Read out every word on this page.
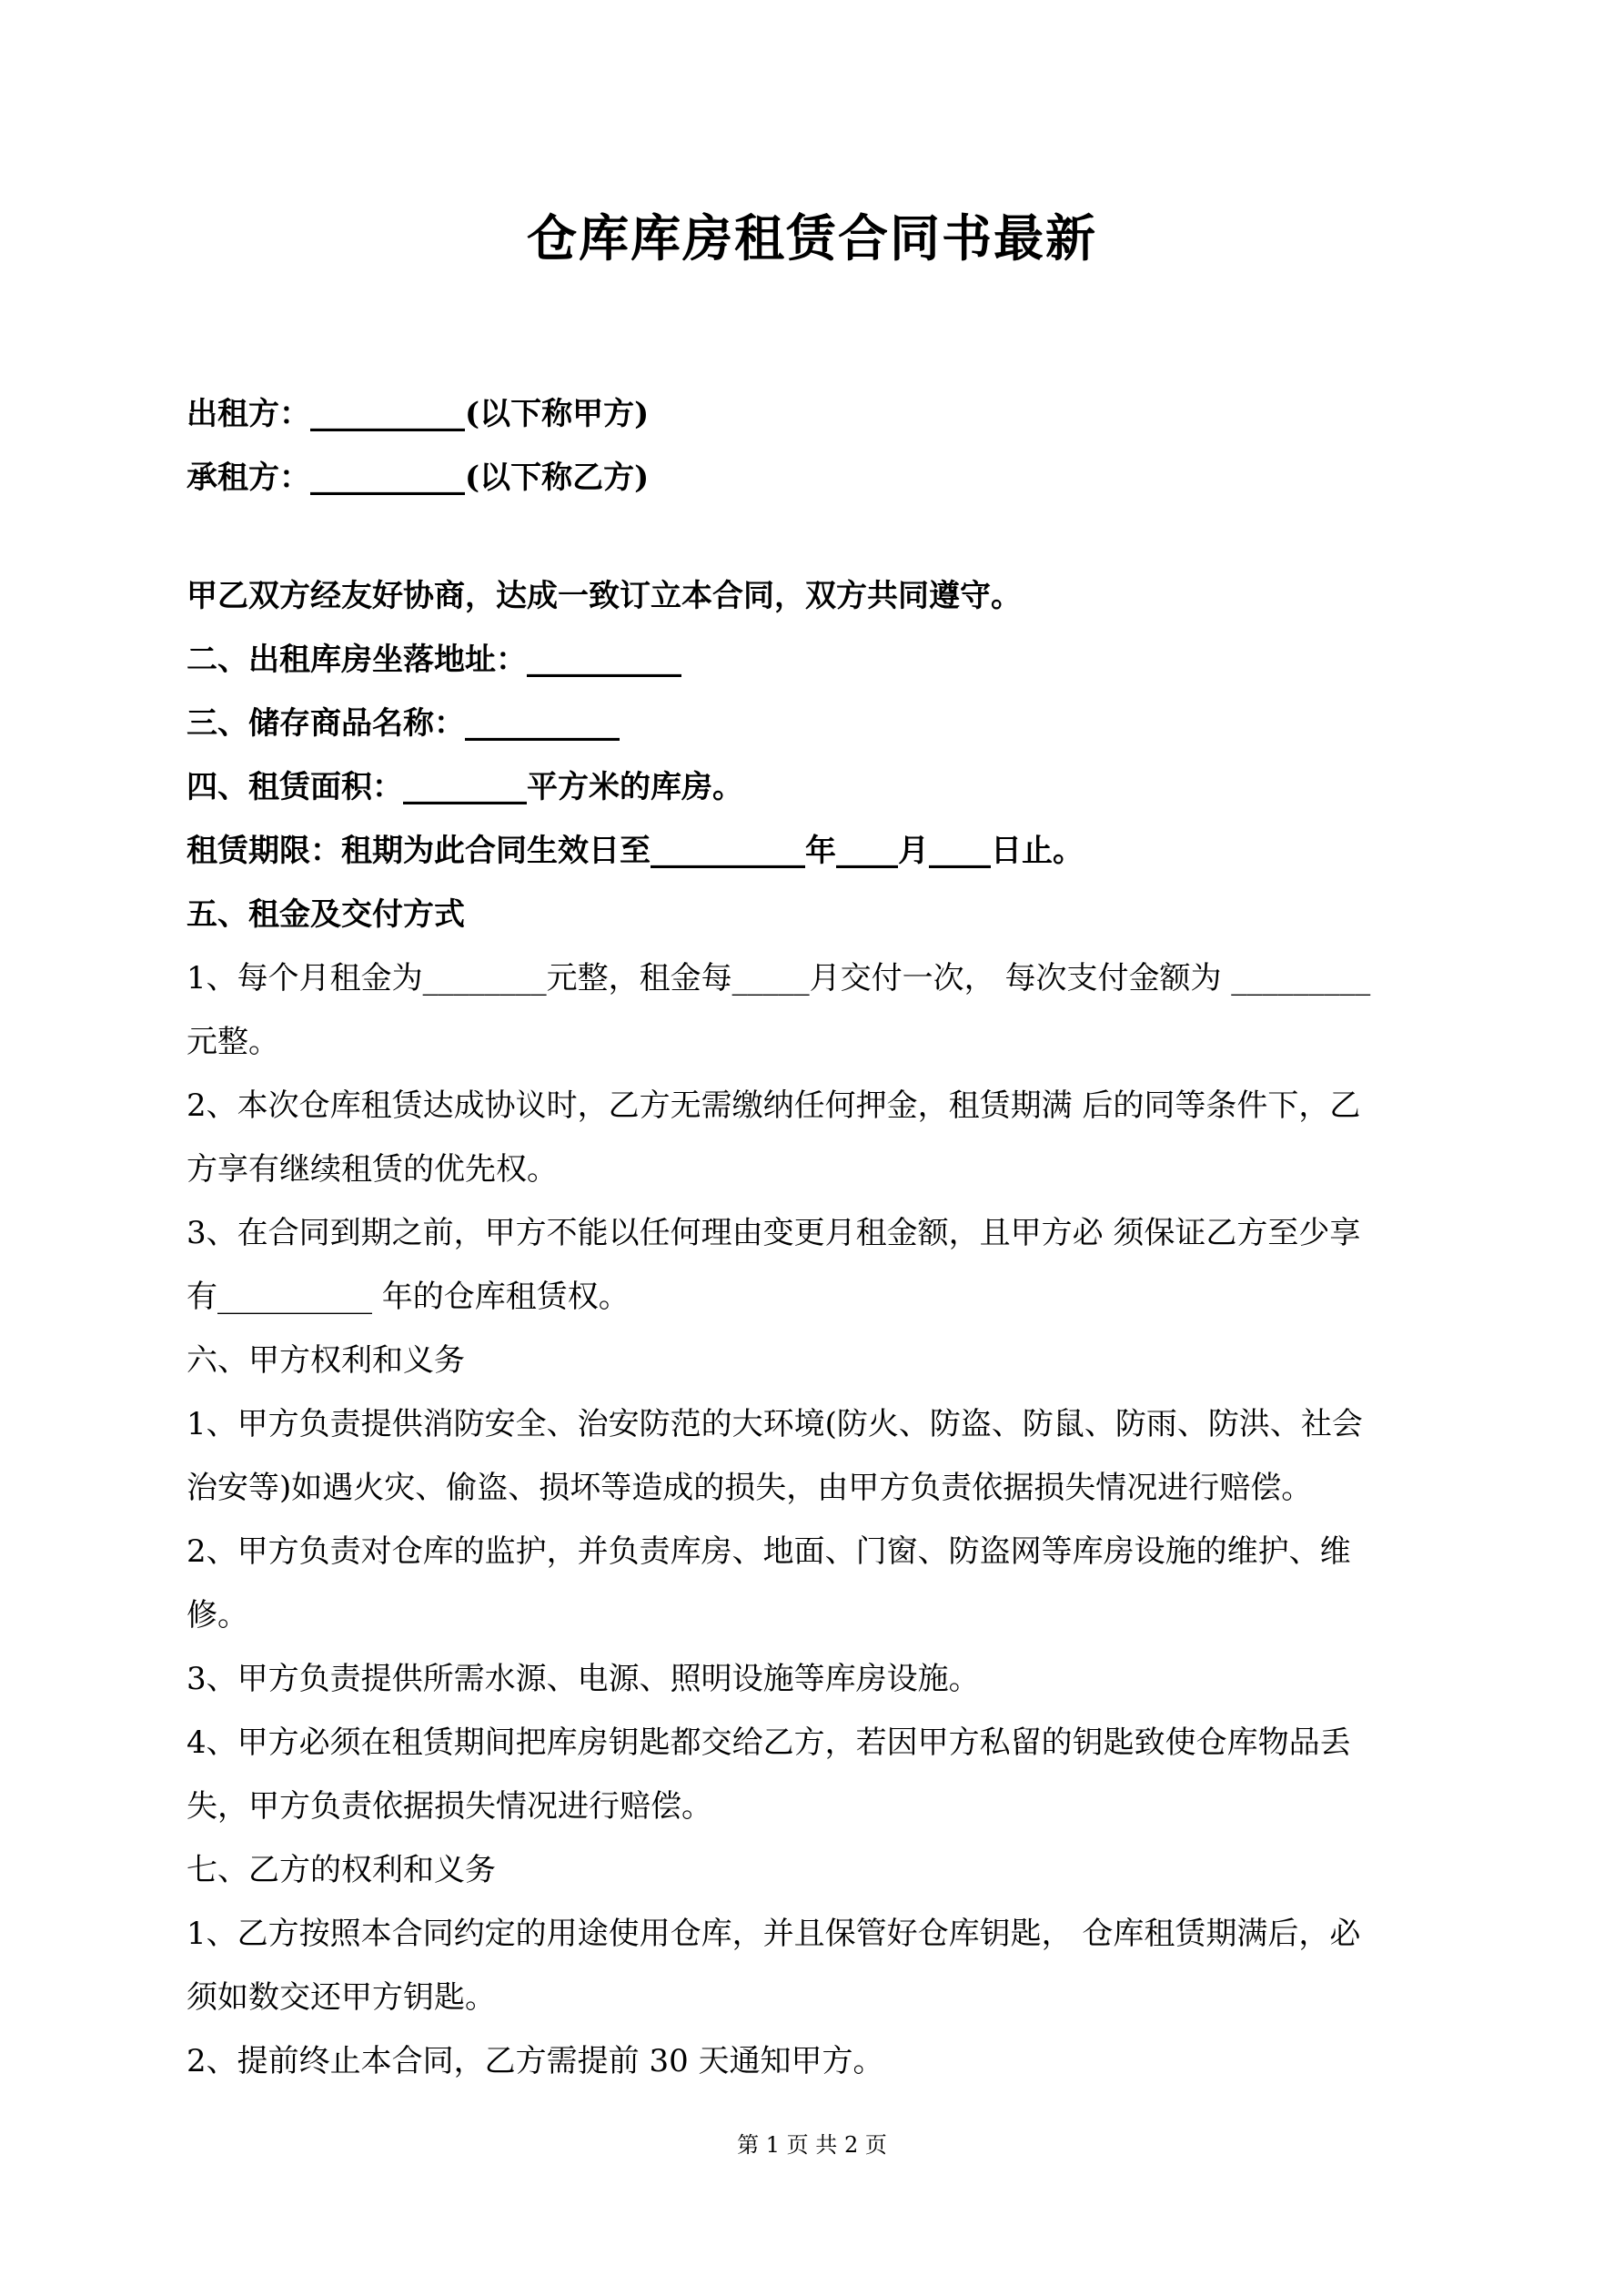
仓库库房租赁合同书最新

出租方：__________(以下称甲方)

承租方：__________(以下称乙方)

甲乙双方经友好协商，达成一致订立本合同，双方共同遵守。

二、出租库房坐落地址：__________

三、储存商品名称：__________

四、租赁面积：________平方米的库房。

租赁期限：租期为此合同生效日至__________年____月____日止。

五、租金及交付方式

1、每个月租金为________元整，租金每_____月交付一次， 每次支付金额为 _________

元整。

2、本次仓库租赁达成协议时，乙方无需缴纳任何押金，租赁期满 后的同等条件下，乙

方享有继续租赁的优先权。

3、在合同到期之前，甲方不能以任何理由变更月租金额，且甲方必 须保证乙方至少享

有__________ 年的仓库租赁权。

六、甲方权利和义务

1、甲方负责提供消防安全、治安防范的大环境(防火、防盗、防鼠、防雨、防洪、社会

治安等)如遇火灾、偷盗、损坏等造成的损失，由甲方负责依据损失情况进行赔偿。

2、甲方负责对仓库的监护，并负责库房、地面、门窗、防盗网等库房设施的维护、维

修。

3、甲方负责提供所需水源、电源、照明设施等库房设施。

4、甲方必须在租赁期间把库房钥匙都交给乙方，若因甲方私留的钥匙致使仓库物品丢

失，甲方负责依据损失情况进行赔偿。

七、乙方的权利和义务

1、乙方按照本合同约定的用途使用仓库，并且保管好仓库钥匙， 仓库租赁期满后，必

须如数交还甲方钥匙。

2、提前终止本合同，乙方需提前 30 天通知甲方。

第 1 页 共 2 页
